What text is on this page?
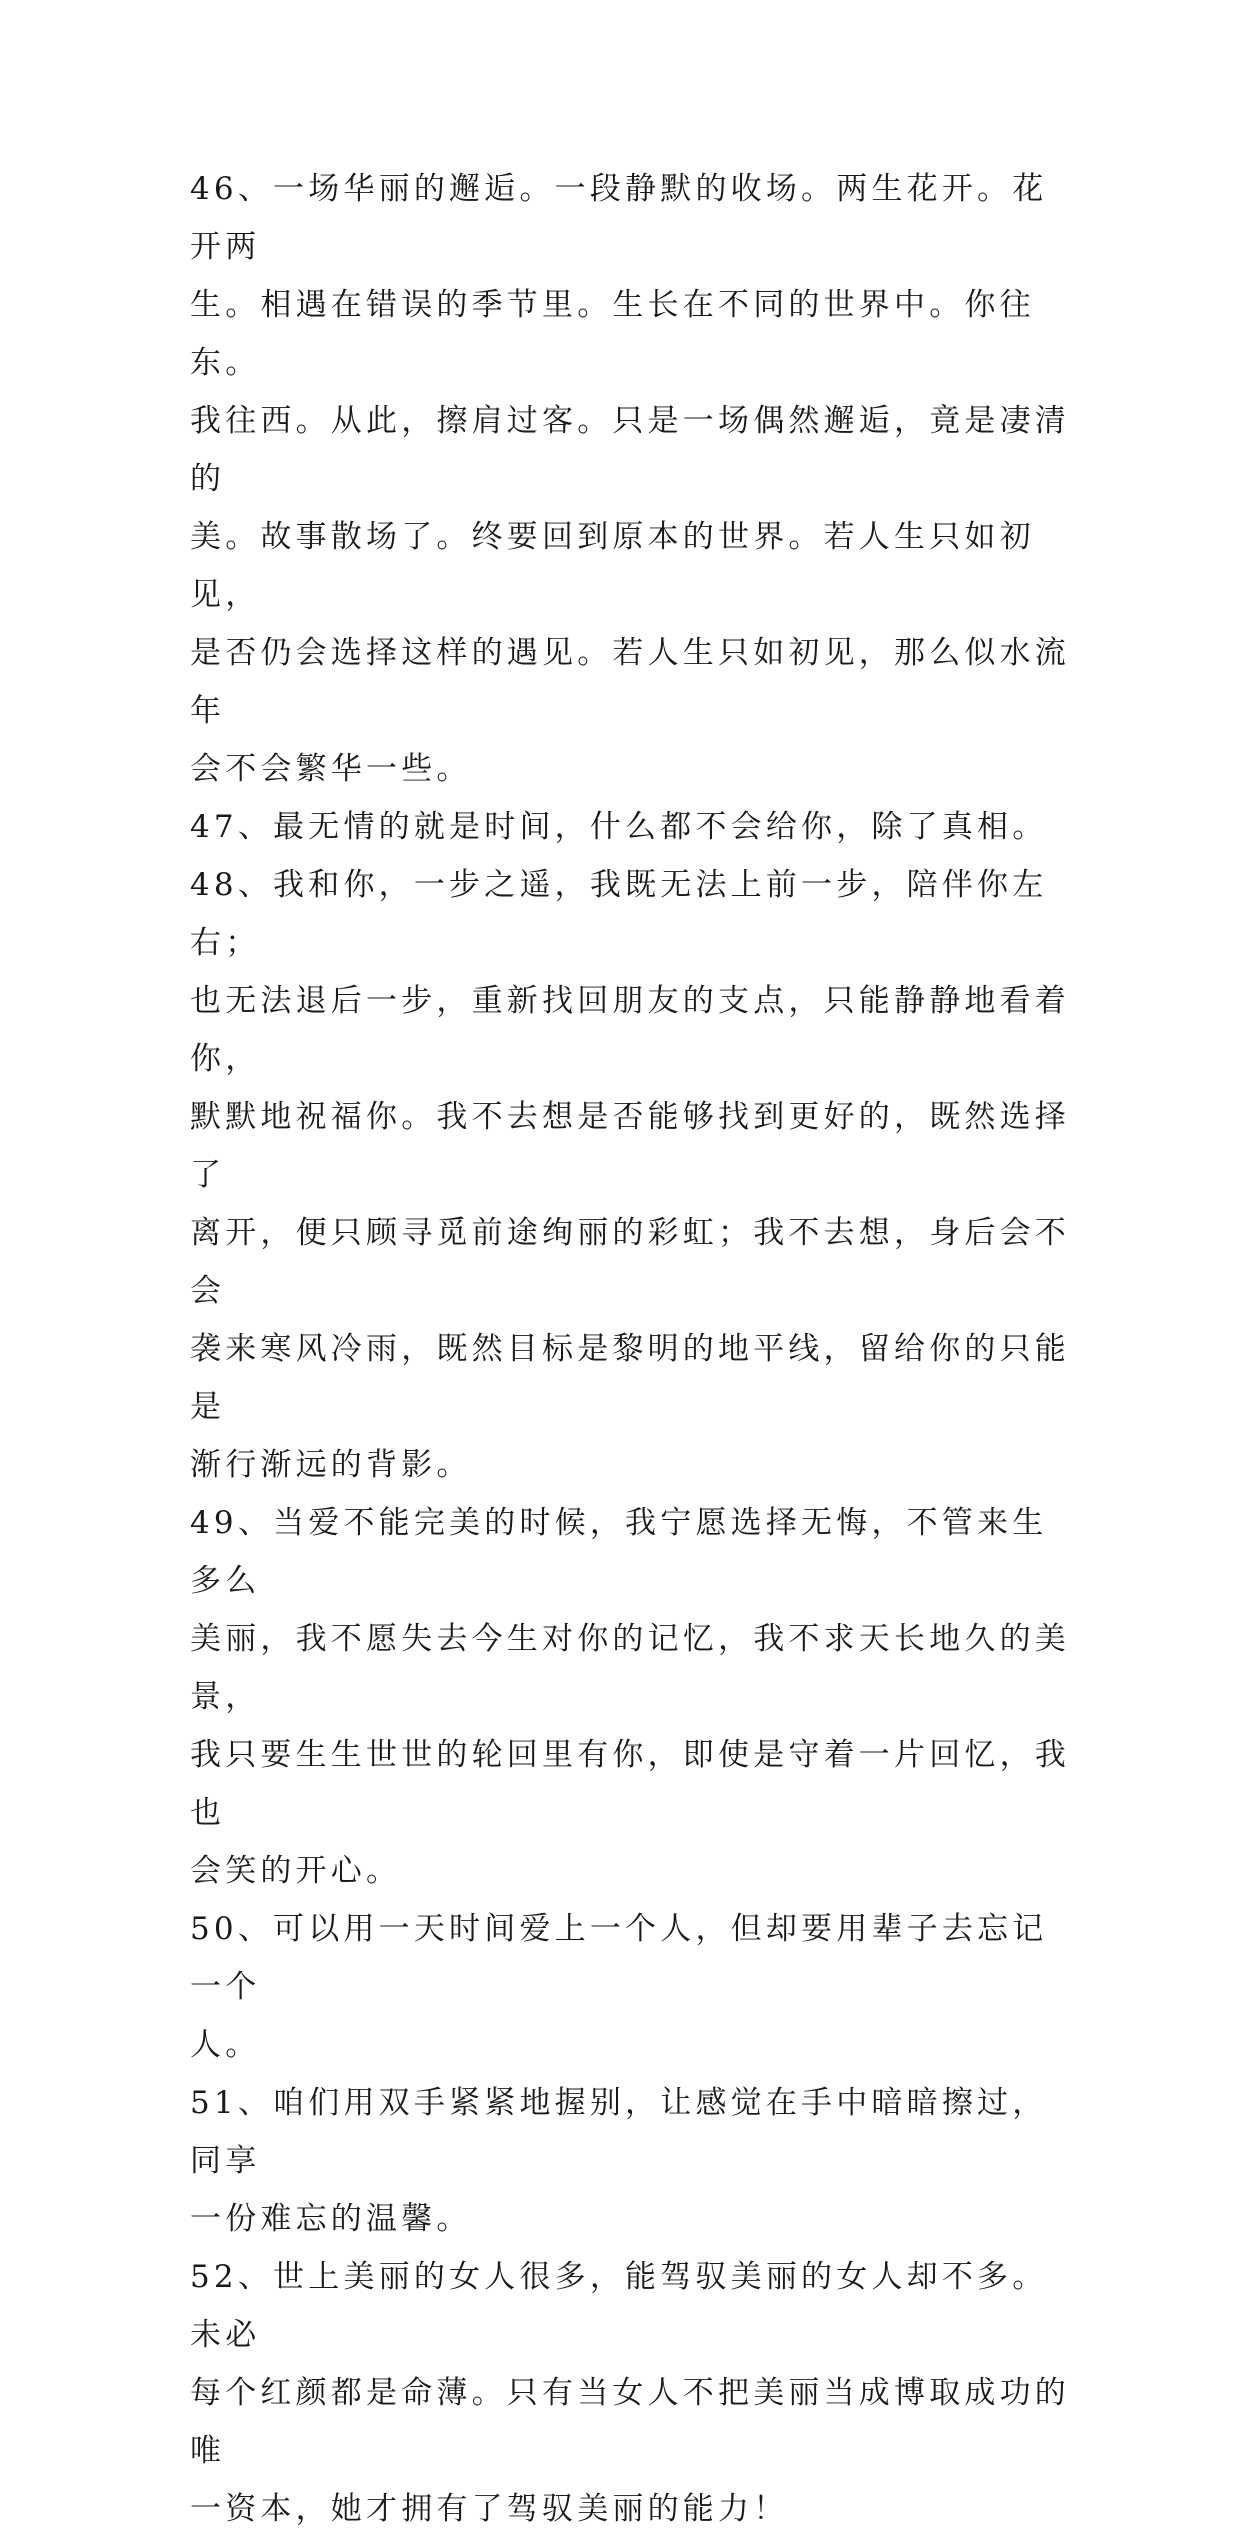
46、一场华丽的邂逅。一段静默的收场。两生花开。花开两
生。相遇在错误的季节里。生长在不同的世界中。你往东。
我往西。从此，擦肩过客。只是一场偶然邂逅，竟是凄清的
美。故事散场了。终要回到原本的世界。若人生只如初见，
是否仍会选择这样的遇见。若人生只如初见，那么似水流年
会不会繁华一些。
47、最无情的就是时间，什么都不会给你，除了真相。
48、我和你，一步之遥，我既无法上前一步，陪伴你左右；
也无法退后一步，重新找回朋友的支点，只能静静地看着你，
默默地祝福你。我不去想是否能够找到更好的，既然选择了
离开，便只顾寻觅前途绚丽的彩虹；我不去想，身后会不会
袭来寒风冷雨，既然目标是黎明的地平线，留给你的只能是
渐行渐远的背影。
49、当爱不能完美的时候，我宁愿选择无悔，不管来生多么
美丽，我不愿失去今生对你的记忆，我不求天长地久的美景，
我只要生生世世的轮回里有你，即使是守着一片回忆，我也
会笑的开心。
50、可以用一天时间爱上一个人，但却要用辈子去忘记一个
人。
51、咱们用双手紧紧地握别，让感觉在手中暗暗擦过，同享
一份难忘的温馨。
52、世上美丽的女人很多，能驾驭美丽的女人却不多。未必
每个红颜都是命薄。只有当女人不把美丽当成博取成功的唯
一资本，她才拥有了驾驭美丽的能力！
